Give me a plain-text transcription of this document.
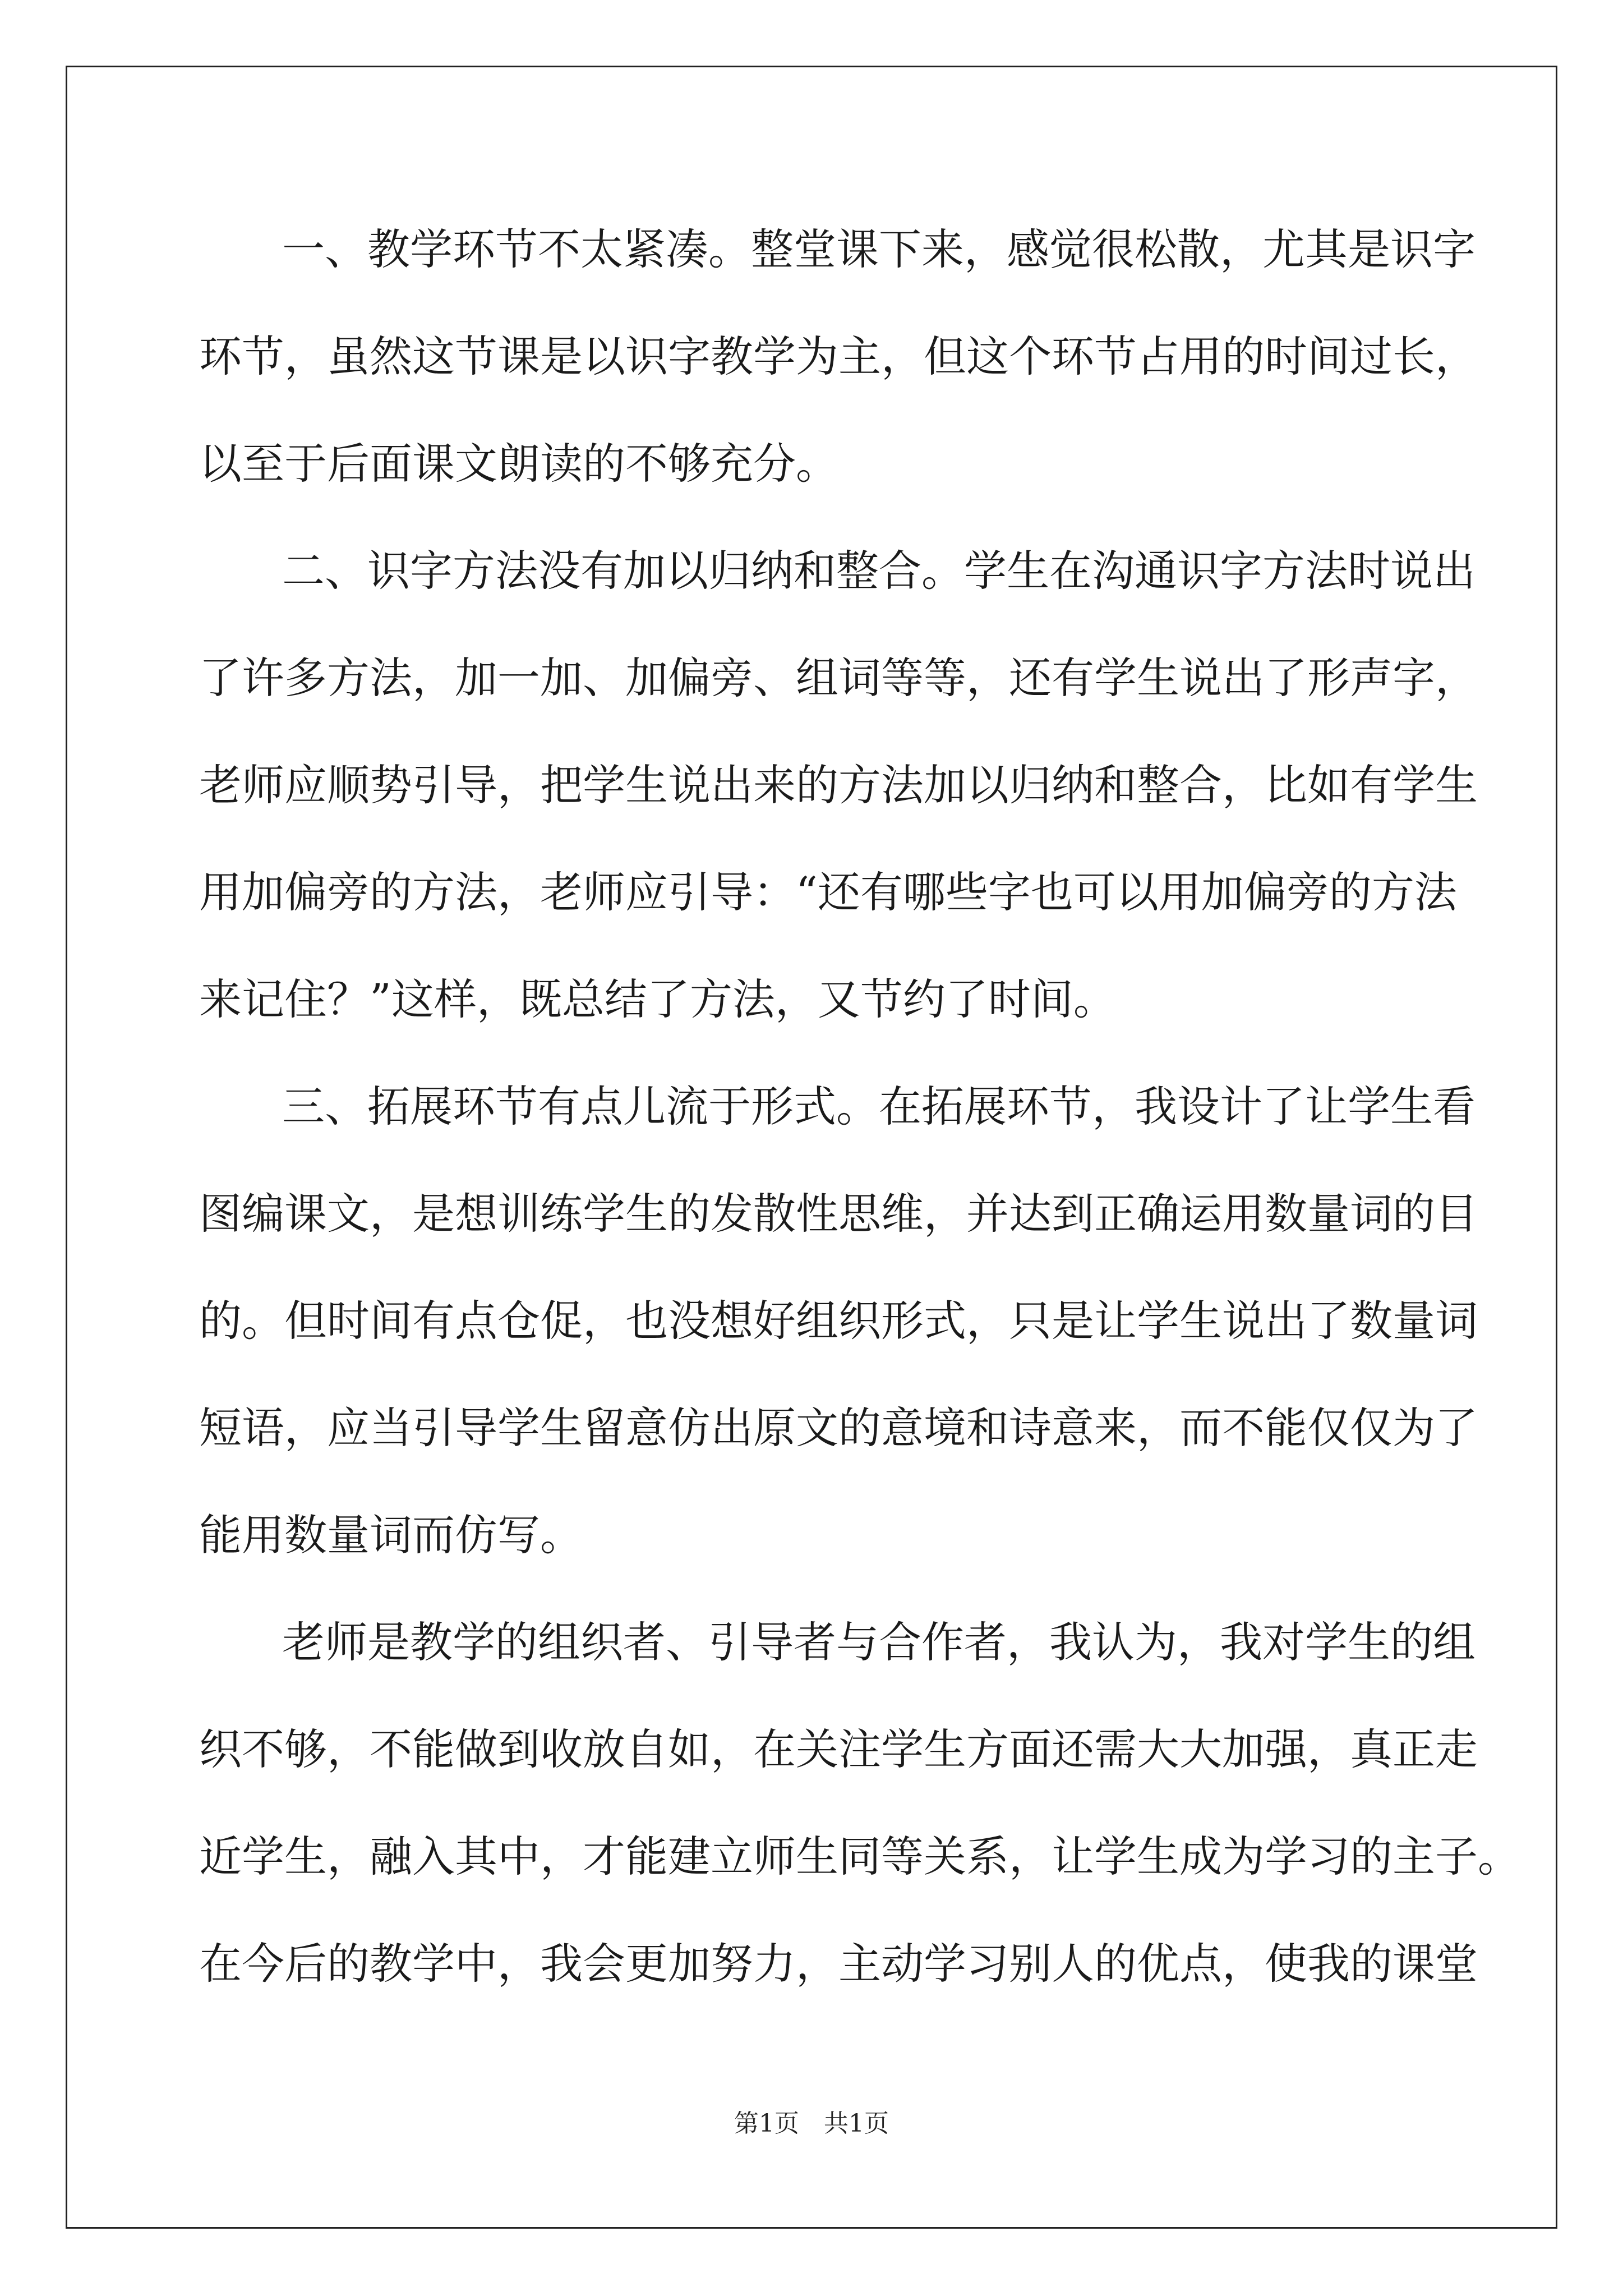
一、教学环节不太紧凑。整堂课下来，感觉很松散，尤其是识字
环节，虽然这节课是以识字教学为主，但这个环节占用的时间过长，
以至于后面课文朗读的不够充分。
二、识字方法没有加以归纳和整合。学生在沟通识字方法时说出
了许多方法，加一加、加偏旁、组词等等，还有学生说出了形声字，
老师应顺势引导，把学生说出来的方法加以归纳和整合，比如有学生
用加偏旁的方法，老师应引导：“还有哪些字也可以用加偏旁的方法
来记住？”这样，既总结了方法，又节约了时间。
三、拓展环节有点儿流于形式。在拓展环节，我设计了让学生看
图编课文，是想训练学生的发散性思维，并达到正确运用数量词的目
的。但时间有点仓促，也没想好组织形式，只是让学生说出了数量词
短语，应当引导学生留意仿出原文的意境和诗意来，而不能仅仅为了
能用数量词而仿写。
老师是教学的组织者、引导者与合作者，我认为，我对学生的组
织不够，不能做到收放自如，在关注学生方面还需大大加强，真正走
近学生，融入其中，才能建立师生同等关系，让学生成为学习的主子。
在今后的教学中，我会更加努力，主动学习别人的优点，使我的课堂
第1页　共1页
